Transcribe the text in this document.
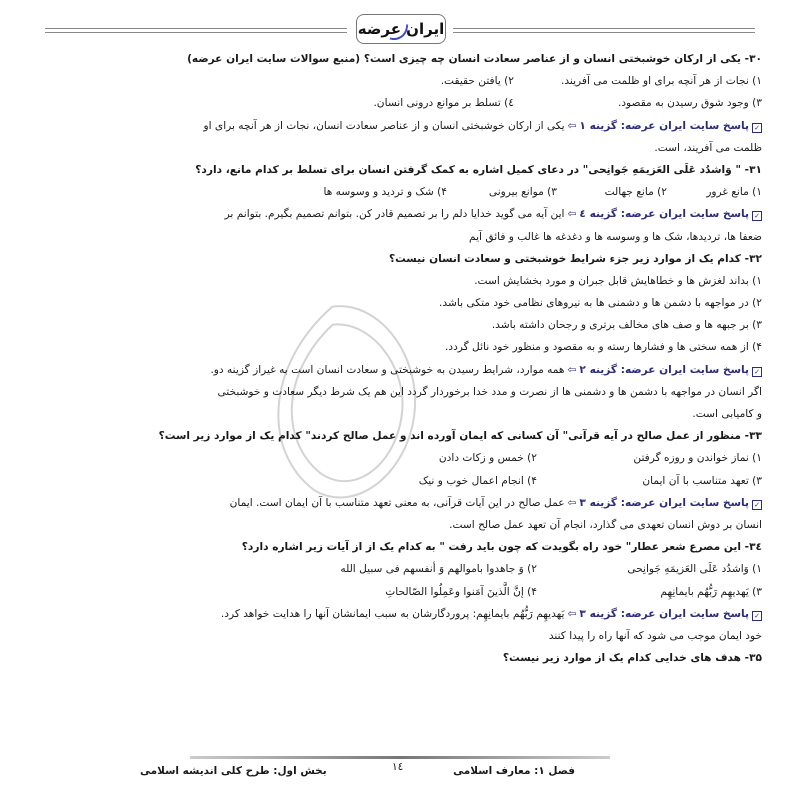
ایران عرضه
۳۰- یکی از ارکان خوشبختی انسان و از عناصر سعادت انسان چه چیزی است؟ (منبع سوالات سایت ایران عرضه)
۱) نجات از هر آنچه برای او ظلمت می آفریند.
۲) یافتن حقیقت.
۳) وجود شوق رسیدن به مقصود.
٤) تسلط بر موانع درونی انسان.
✓پاسخ سایت ایران عرضه: گزینه ۱⇦یکی از ارکان خوشبختی انسان و از عناصر سعادت انسان، نجات از هر آنچه برای او
ظلمت می آفریند، است.
۳۱- " وَاشدُد عَلَی العَزیمَهِ جَوانِحی" در دعای کمیل اشاره به کمک گرفتن انسان برای تسلط بر کدام مانع، دارد؟
۱) مانع غرور
۲) مانع جهالت
۳) موانع بیرونی
۴) شک و تردید و وسوسه ها
✓پاسخ سایت ایران عرضه: گزینه ٤⇦این آیه می گوید خدایا دلم را بر تصمیم قادر کن. بتوانم تصمیم بگیرم. بتوانم بر
ضعفا ها، تردیدها، شک ها و وسوسه ها و دغدغه ها غالب و فائق آیم
۳۲- کدام یک از موارد زیر جزء شرایط خوشبختی و سعادت انسان نیست؟
۱) بداند لغزش ها و خطاهایش قابل جبران و مورد بخشایش است.
۲) در مواجهه با دشمن ها و دشمنی ها به نیروهای نظامی خود متکی باشد.
۳) بر جبهه ها و صف های مخالف برتری و رجحان داشته باشد.
۴) از همه سختی ها و فشارها رسته و به مقصود و منظور خود نائل گردد.
✓پاسخ سایت ایران عرضه: گزینه ۲⇦همه موارد، شرایط رسیدن به خوشبختی و سعادت انسان است به غیراز گزینه دو.
اگر انسان در مواجهه با دشمن ها و دشمنی ها از نصرت و مدد خدا برخوردار گردد این هم یک شرط دیگر سعادت و خوشبختی
و کامیابی است.
۳۳- منظور از عمل صالح در آیه قرآنی" آن کسانی که ایمان آورده اند و عمل صالح کردند" کدام یک از موارد زیر است؟
۱) نماز خواندن و روزه گرفتن
۲) خمس و زکات دادن
۳) تعهد متناسب با آن ایمان
۴) انجام اعمال خوب و نیک
✓پاسخ سایت ایران عرضه: گزینه ۳⇦عمل صالح در این آیات قرآنی، به معنی تعهد متناسب با آن ایمان است. ایمان
انسان بر دوش انسان تعهدی می گذارد، انجام آن تعهد عمل صالح است.
۳٤- این مصرع شعر عطار" خود راه بگویدت که چون باید رفت " به کدام یک از از آیات زیر اشاره دارد؟
۱) وَاشدُد عَلَی العَزیمَهِ جَوانِحی
۲) وَ جاهدوا باموالهم وَ أنفسهم فی سبیل الله
۳) یَهدیهِم رَبُّهُم بایمانِهِم
۴) إنَّ الَّذینَ آمَنوا وعَمِلُوا الصّالحاتِ
✓پاسخ سایت ایران عرضه: گزینه ۳⇦یَهدیهِم رَبُّهُم بایمانِهِم: پروردگارشان به سبب ایمانشان آنها را هدایت خواهد کرد.
خود ایمان موجب می شود که آنها راه را پیدا کنند
۳۵- هدف های خدایی کدام یک از موارد زیر نیست؟
فصل ۱: معارف اسلامی
١٤
بخش اول: طرح کلی اندیشه اسلامی
